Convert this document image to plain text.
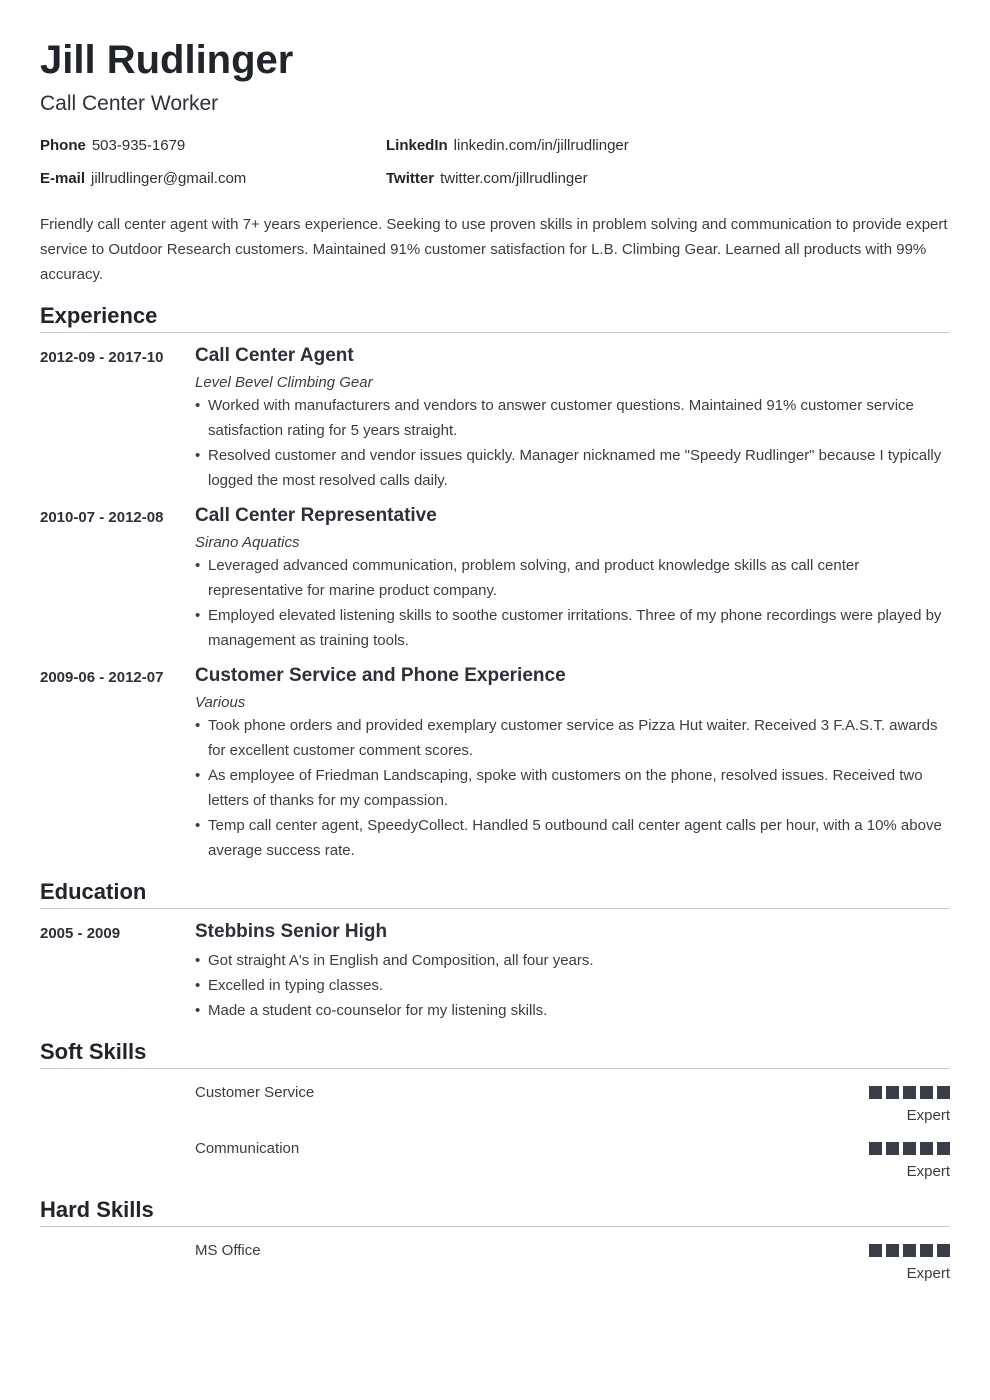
Jill Rudlinger
Call Center Worker
Phone 503-935-1679	LinkedIn linkedin.com/in/jillrudlinger
E-mail jillrudlinger@gmail.com	Twitter twitter.com/jillrudlinger
Friendly call center agent with 7+ years experience. Seeking to use proven skills in problem solving and communication to provide expert service to Outdoor Research customers. Maintained 91% customer satisfaction for L.B. Climbing Gear. Learned all products with 99% accuracy.
Experience
2012-09 - 2017-10	Call Center Agent
Level Bevel Climbing Gear
• Worked with manufacturers and vendors to answer customer questions. Maintained 91% customer service satisfaction rating for 5 years straight.
• Resolved customer and vendor issues quickly. Manager nicknamed me "Speedy Rudlinger" because I typically logged the most resolved calls daily.
2010-07 - 2012-08	Call Center Representative
Sirano Aquatics
• Leveraged advanced communication, problem solving, and product knowledge skills as call center representative for marine product company.
• Employed elevated listening skills to soothe customer irritations. Three of my phone recordings were played by management as training tools.
2009-06 - 2012-07	Customer Service and Phone Experience
Various
• Took phone orders and provided exemplary customer service as Pizza Hut waiter. Received 3 F.A.S.T. awards for excellent customer comment scores.
• As employee of Friedman Landscaping, spoke with customers on the phone, resolved issues. Received two letters of thanks for my compassion.
• Temp call center agent, SpeedyCollect. Handled 5 outbound call center agent calls per hour, with a 10% above average success rate.
Education
2005 - 2009	Stebbins Senior High
• Got straight A's in English and Composition, all four years.
• Excelled in typing classes.
• Made a student co-counselor for my listening skills.
Soft Skills
Customer Service
Expert
Communication
Expert
Hard Skills
MS Office
Expert
